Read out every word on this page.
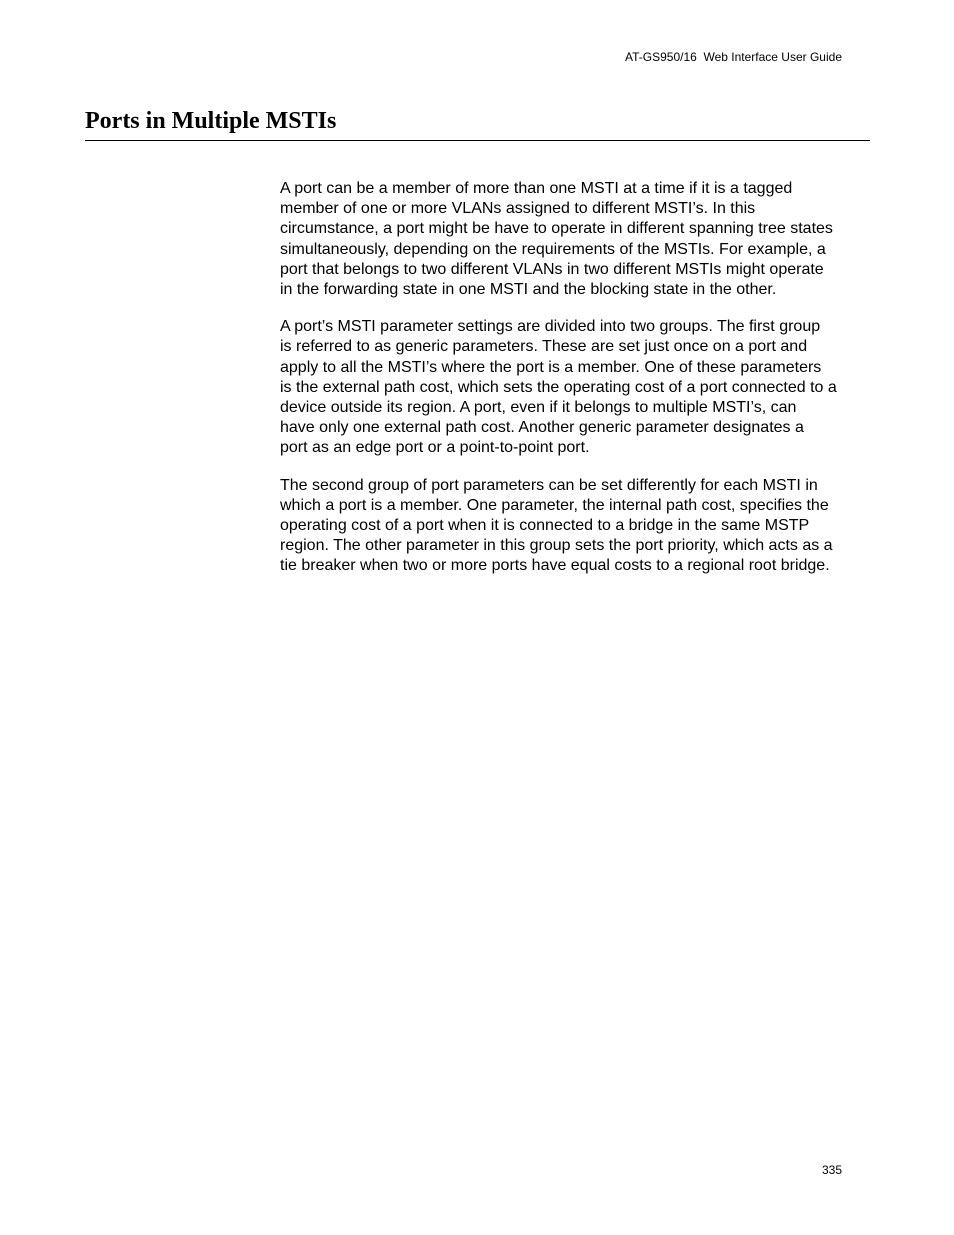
AT-GS950/16  Web Interface User Guide
Ports in Multiple MSTIs

A port can be a member of more than one MSTI at a time if it is a tagged
member of one or more VLANs assigned to different MSTI’s. In this
circumstance, a port might be have to operate in different spanning tree states
simultaneously, depending on the requirements of the MSTIs. For example, a
port that belongs to two different VLANs in two different MSTIs might operate
in the forwarding state in one MSTI and the blocking state in the other.

A port’s MSTI parameter settings are divided into two groups. The first group
is referred to as generic parameters. These are set just once on a port and
apply to all the MSTI’s where the port is a member. One of these parameters
is the external path cost, which sets the operating cost of a port connected to a
device outside its region. A port, even if it belongs to multiple MSTI’s, can
have only one external path cost. Another generic parameter designates a
port as an edge port or a point-to-point port.

The second group of port parameters can be set differently for each MSTI in
which a port is a member. One parameter, the internal path cost, specifies the
operating cost of a port when it is connected to a bridge in the same MSTP
region. The other parameter in this group sets the port priority, which acts as a
tie breaker when two or more ports have equal costs to a regional root bridge.

335
